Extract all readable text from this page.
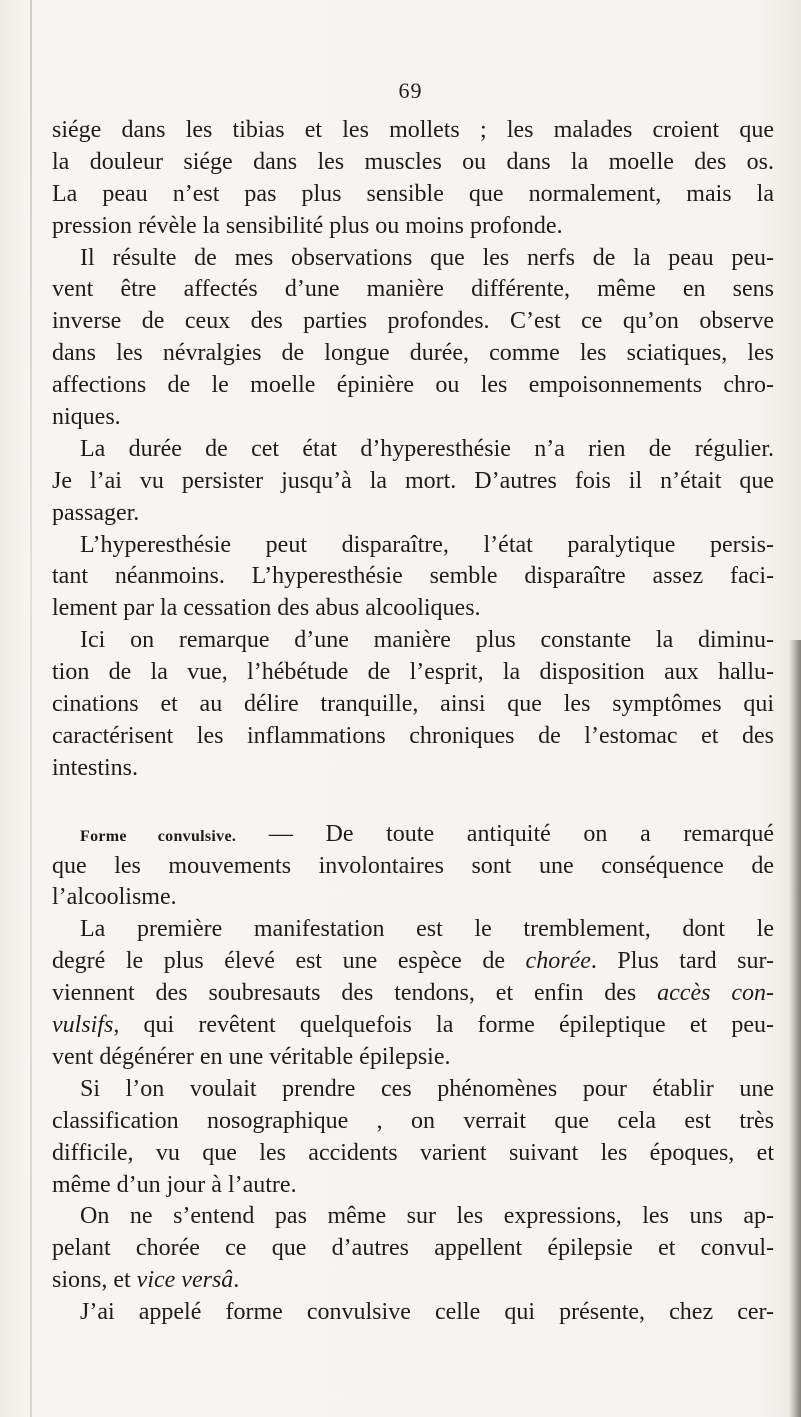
69
siége dans les tibias et les mollets ; les malades croient que
la douleur siége dans les muscles ou dans la moelle des os.
La peau n’est pas plus sensible que normalement, mais la
pression révèle la sensibilité plus ou moins profonde.
Il résulte de mes observations que les nerfs de la peau peu-
vent être affectés d’une manière différente, même en sens
inverse de ceux des parties profondes. C’est ce qu’on observe
dans les névralgies de longue durée, comme les sciatiques, les
affections de le moelle épinière ou les empoisonnements chro-
niques.
La durée de cet état d’hyperesthésie n’a rien de régulier.
Je l’ai vu persister jusqu’à la mort. D’autres fois il n’était que
passager.
L’hyperesthésie peut disparaître, l’état paralytique persis-
tant néanmoins. L’hyperesthésie semble disparaître assez faci-
lement par la cessation des abus alcooliques.
Ici on remarque d’une manière plus constante la diminu-
tion de la vue, l’hébétude de l’esprit, la disposition aux hallu-
cinations et au délire tranquille, ainsi que les symptômes qui
caractérisent les inflammations chroniques de l’estomac et des
intestins.
Forme convulsive. — De toute antiquité on a remarqué
que les mouvements involontaires sont une conséquence de
l’alcoolisme.
La première manifestation est le tremblement, dont le
degré le plus élevé est une espèce de chorée. Plus tard sur-
viennent des soubresauts des tendons, et enfin des accès con-
vulsifs, qui revêtent quelquefois la forme épileptique et peu-
vent dégénérer en une véritable épilepsie.
Si l’on voulait prendre ces phénomènes pour établir une
classification nosographique , on verrait que cela est très
difficile, vu que les accidents varient suivant les époques, et
même d’un jour à l’autre.
On ne s’entend pas même sur les expressions, les uns ap-
pelant chorée ce que d’autres appellent épilepsie et convul-
sions, et vice versâ.
J’ai appelé forme convulsive celle qui présente, chez cer-
